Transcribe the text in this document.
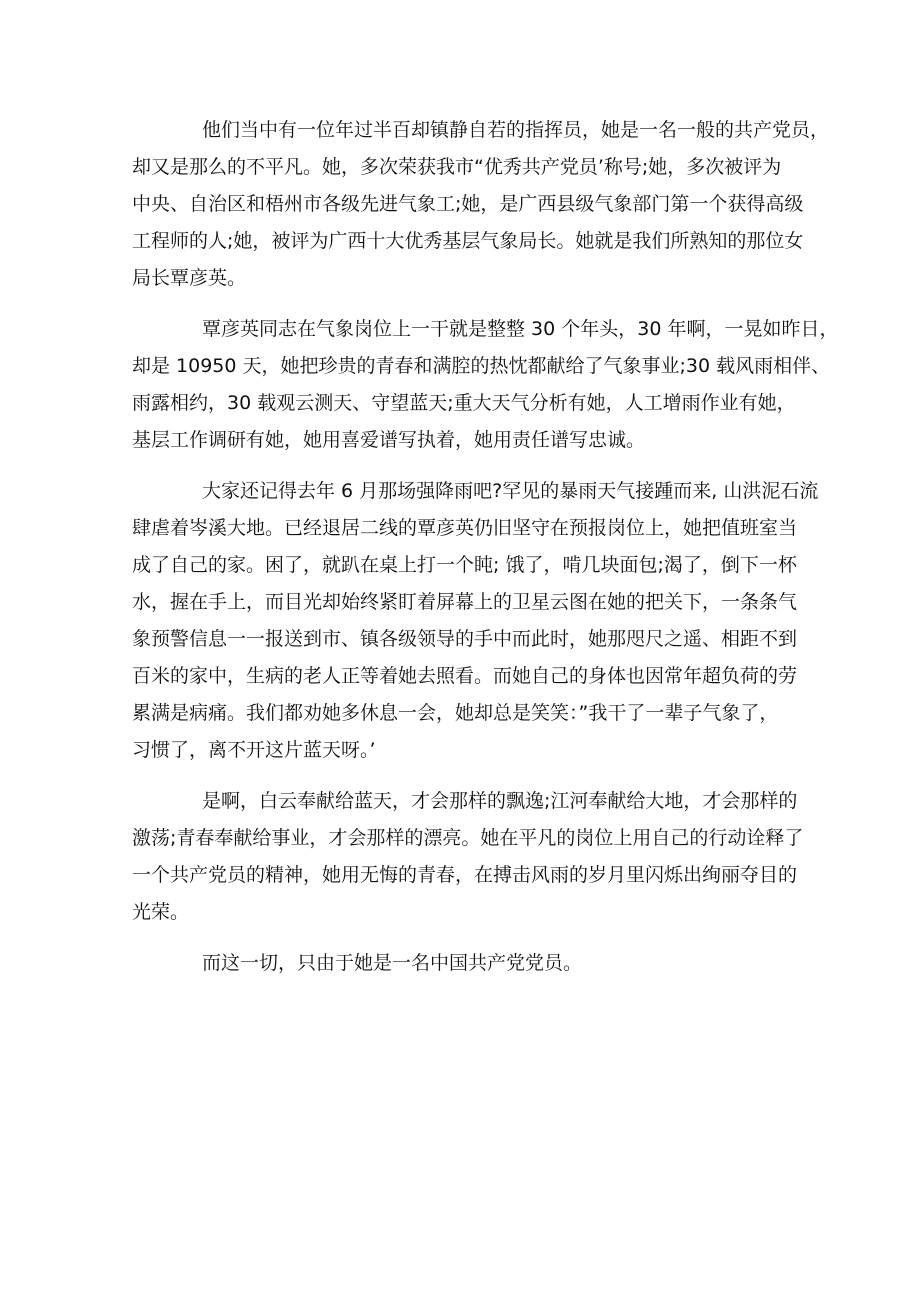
他们当中有一位年过半百却镇静自若的指挥员，她是一名一般的共产党员，
却又是那么的不平凡。她，多次荣获我市“优秀共产党员’称号;她，多次被评为
中央、自治区和梧州市各级先进气象工;她，是广西县级气象部门第一个获得高级
工程师的人;她，被评为广西十大优秀基层气象局长。她就是我们所熟知的那位女
局长覃彦英。
覃彦英同志在气象岗位上一干就是整整 30 个年头，30 年啊，一晃如昨日，
却是 10950 天，她把珍贵的青春和满腔的热忱都献给了气象事业;30 载风雨相伴、
雨露相约，30 载观云测天、守望蓝天;重大天气分析有她，人工增雨作业有她，
基层工作调研有她，她用喜爱谱写执着，她用责任谱写忠诚。
大家还记得去年 6 月那场强降雨吧?罕见的暴雨天气接踵而来, 山洪泥石流
肆虐着岑溪大地。已经退居二线的覃彦英仍旧坚守在预报岗位上，她把值班室当
成了自己的家。困了，就趴在桌上打一个盹; 饿了，啃几块面包;渴了，倒下一杯
水，握在手上，而目光却始终紧盯着屏幕上的卫星云图在她的把关下，一条条气
象预警信息一一报送到市、镇各级领导的手中而此时，她那咫尺之遥、相距不到
百米的家中，生病的老人正等着她去照看。而她自己的身体也因常年超负荷的劳
累满是病痛。我们都劝她多休息一会，她却总是笑笑：”我干了一辈子气象了，
习惯了，离不开这片蓝天呀。’
是啊，白云奉献给蓝天，才会那样的飘逸;江河奉献给大地，才会那样的
激荡;青春奉献给事业，才会那样的漂亮。她在平凡的岗位上用自己的行动诠释了
一个共产党员的精神，她用无悔的青春，在搏击风雨的岁月里闪烁出绚丽夺目的
光荣。
而这一切，只由于她是一名中国共产党党员。
